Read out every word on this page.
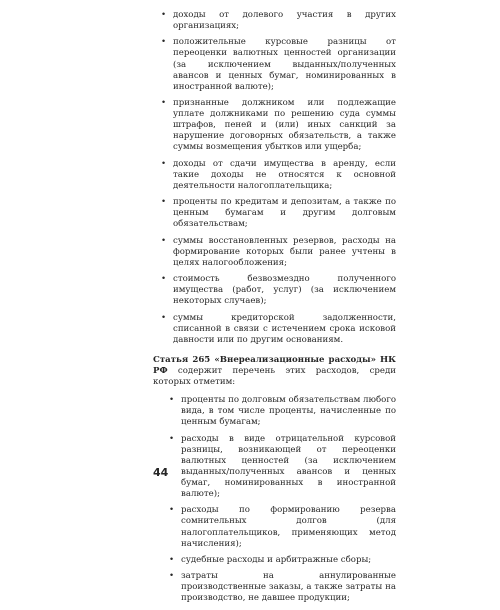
• доходы от долевого участия в других организациях;
• положительные курсовые разницы от переоценки валютных ценностей организации (за исключением выданных/полученных авансов и ценных бумаг, номинированных в иностранной валюте);
• признанные должником или подлежащие уплате должниками по решению суда суммы штрафов, пеней и (или) иных санкций за нарушение договорных обязательств, а также суммы возмещения убытков или ущерба;
• доходы от сдачи имущества в аренду, если такие доходы не относятся к основной деятельности налогоплательщика;
• проценты по кредитам и депозитам, а также по ценным бумагам и другим долговым обязательствам;
• суммы восстановленных резервов, расходы на формирование которых были ранее учтены в целях налогообложения;
• стоимость безвозмездно полученного имущества (работ, услуг) (за исключением некоторых случаев);
• суммы кредиторской задолженности, списанной в связи с истечением срока исковой давности или по другим основаниям.

Статья 265 «Внереализационные расходы» НК РФ содержит перечень этих расходов, среди которых отметим:

• проценты по долговым обязательствам любого вида, в том числе проценты, начисленные по ценным бумагам;
• расходы в виде отрицательной курсовой разницы, возникающей от переоценки валютных ценностей (за исключением выданных/полученных авансов и ценных бумаг, номинированных в иностранной валюте);
• расходы по формированию резерва сомнительных долгов (для налогоплательщиков, применяющих метод начисления);
• судебные расходы и арбитражные сборы;
• затраты на аннулированные производственные заказы, а также затраты на производство, не давшее продукции;
44
